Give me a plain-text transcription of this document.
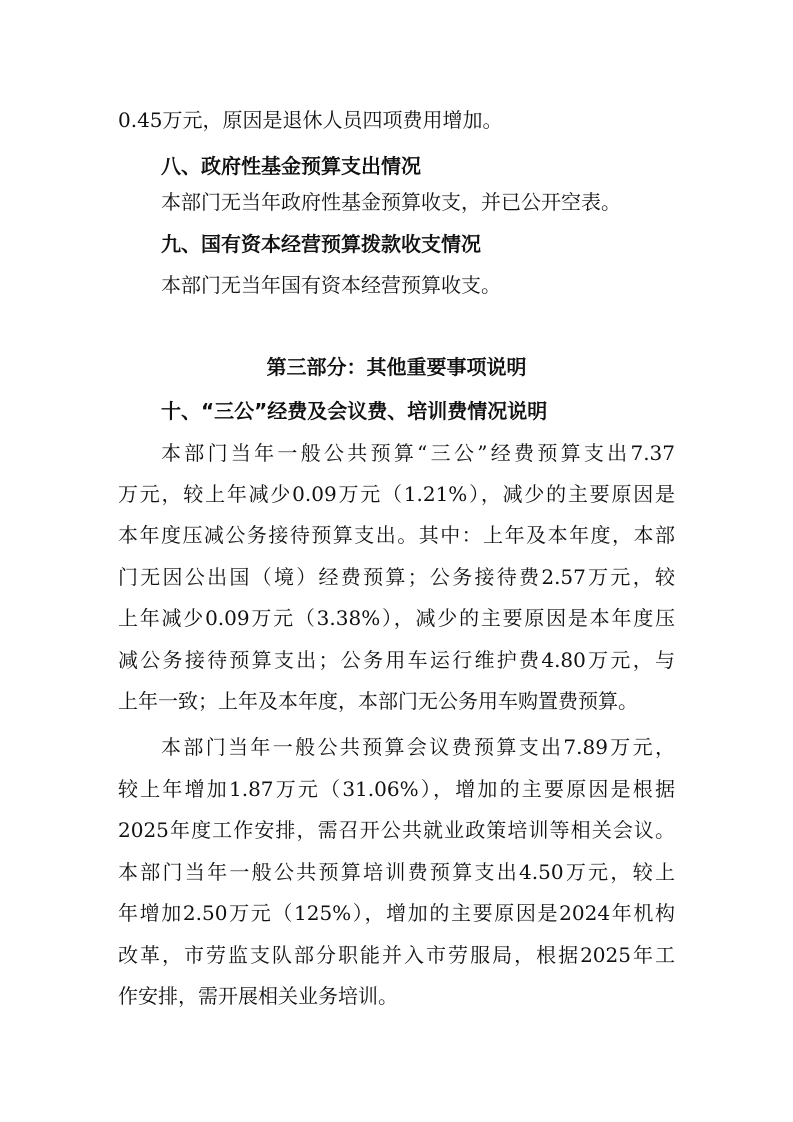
0.45万元，原因是退休人员四项费用增加。
八、政府性基金预算支出情况
本部门无当年政府性基金预算收支，并已公开空表。
九、国有资本经营预算拨款收支情况
本部门无当年国有资本经营预算收支。
第三部分：其他重要事项说明
十、“三公”经费及会议费、培训费情况说明
本部门当年一般公共预算“三公”经费预算支出7.37
万元，较上年减少0.09万元（1.21%），减少的主要原因是
本年度压减公务接待预算支出。其中：上年及本年度，本部
门无因公出国（境）经费预算；公务接待费2.57万元，较
上年减少0.09万元（3.38%），减少的主要原因是本年度压
减公务接待预算支出；公务用车运行维护费4.80万元，与
上年一致；上年及本年度，本部门无公务用车购置费预算。
本部门当年一般公共预算会议费预算支出7.89万元，
较上年增加1.87万元（31.06%），增加的主要原因是根据
2025年度工作安排，需召开公共就业政策培训等相关会议。
本部门当年一般公共预算培训费预算支出4.50万元，较上
年增加2.50万元（125%），增加的主要原因是2024年机构
改革，市劳监支队部分职能并入市劳服局，根据2025年工
作安排，需开展相关业务培训。
